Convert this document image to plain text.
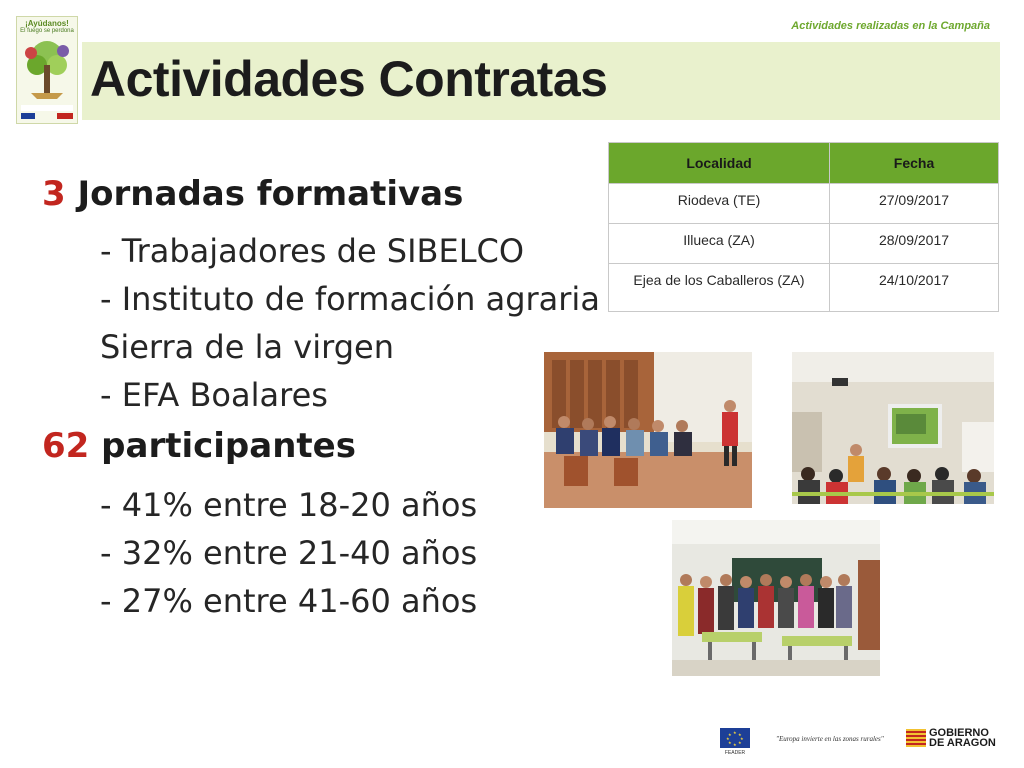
Actividades realizadas en la Campaña
¡Ayúdanos!
El fuego se perdona
Actividades Contratas
3 Jornadas formativas
- Trabajadores de SIBELCO
- Instituto de formación agraria
Sierra de la virgen
- EFA Boalares
62 participantes
- 41% entre 18-20 años
- 32% entre 21-40 años
- 27% entre 41-60 años
Localidad	Fecha
Riodeva (TE)	27/09/2017
Illueca (ZA)	28/09/2017
Ejea de los Caballeros (ZA)	24/10/2017
★
★ ★
★	★
★ ★
★
FEADER
"Europa invierte en las zonas rurales"	GOBIERNO
DE ARAGON
